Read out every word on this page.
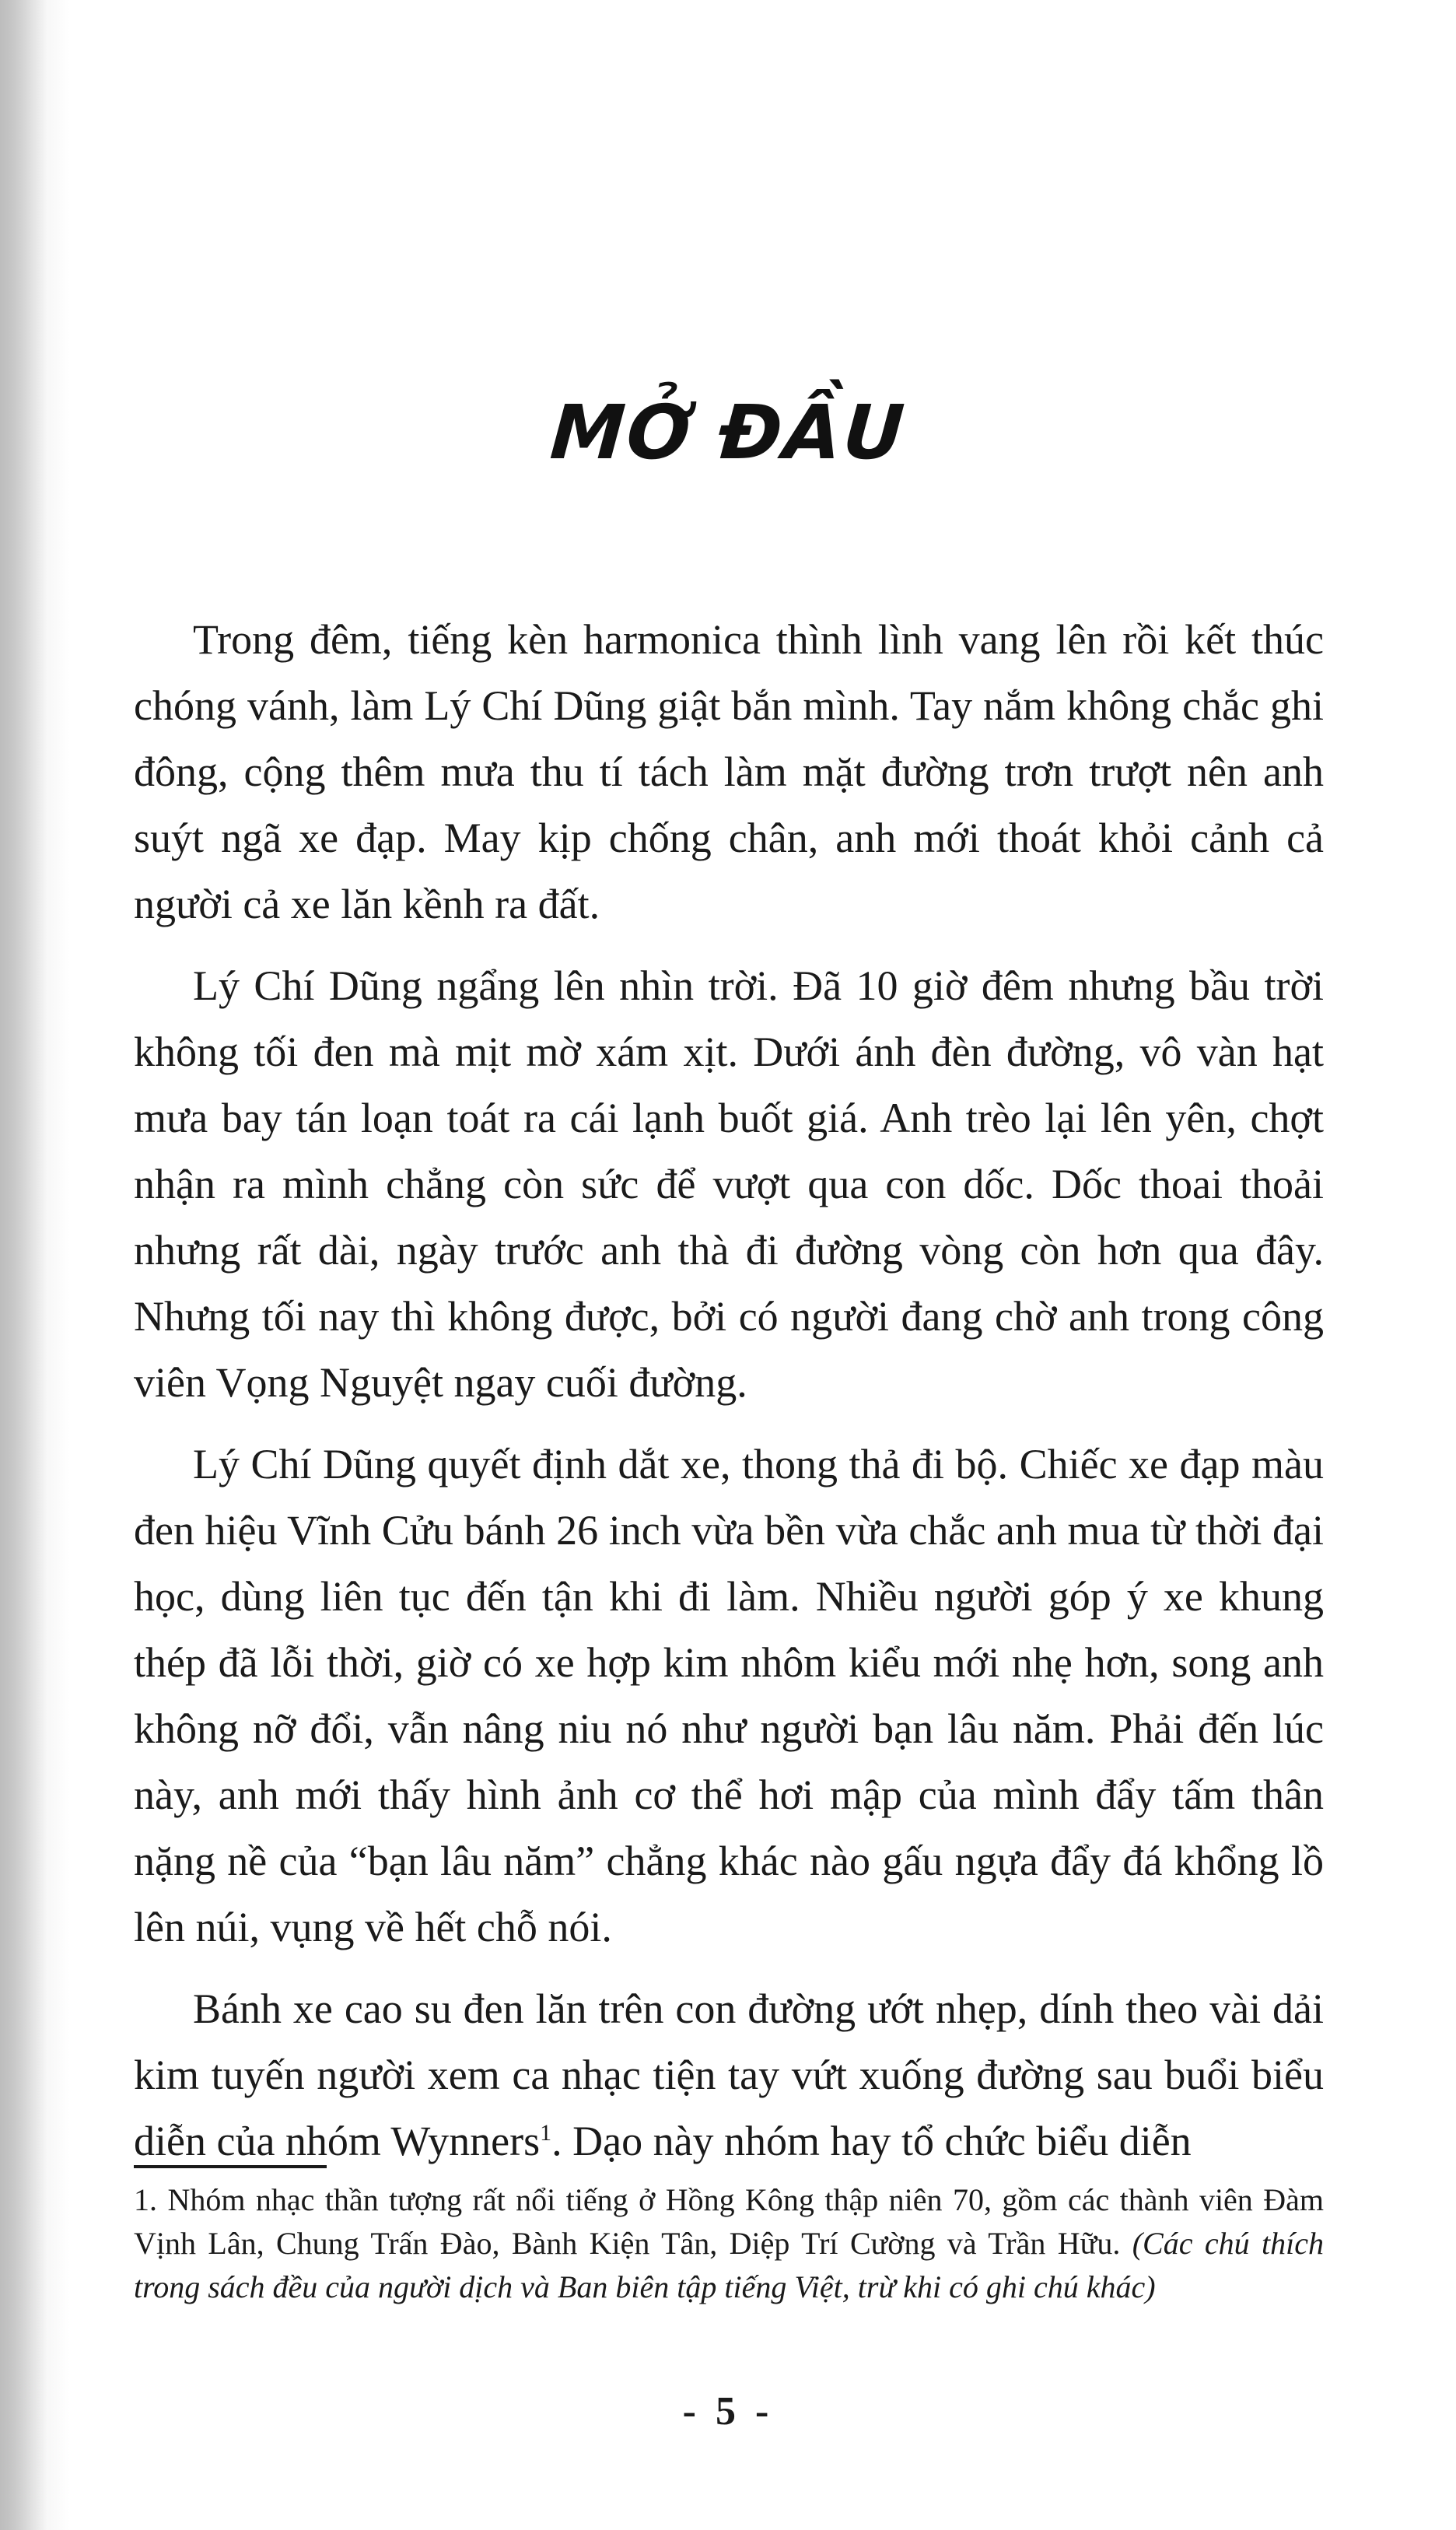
MỞ ĐẦU

Trong đêm, tiếng kèn harmonica thình lình vang lên rồi kết thúc chóng vánh, làm Lý Chí Dũng giật bắn mình. Tay nắm không chắc ghi đông, cộng thêm mưa thu tí tách làm mặt đường trơn trượt nên anh suýt ngã xe đạp. May kịp chống chân, anh mới thoát khỏi cảnh cả người cả xe lăn kềnh ra đất.

Lý Chí Dũng ngẩng lên nhìn trời. Đã 10 giờ đêm nhưng bầu trời không tối đen mà mịt mờ xám xịt. Dưới ánh đèn đường, vô vàn hạt mưa bay tán loạn toát ra cái lạnh buốt giá. Anh trèo lại lên yên, chợt nhận ra mình chẳng còn sức để vượt qua con dốc. Dốc thoai thoải nhưng rất dài, ngày trước anh thà đi đường vòng còn hơn qua đây. Nhưng tối nay thì không được, bởi có người đang chờ anh trong công viên Vọng Nguyệt ngay cuối đường.

Lý Chí Dũng quyết định dắt xe, thong thả đi bộ. Chiếc xe đạp màu đen hiệu Vĩnh Cửu bánh 26 inch vừa bền vừa chắc anh mua từ thời đại học, dùng liên tục đến tận khi đi làm. Nhiều người góp ý xe khung thép đã lỗi thời, giờ có xe hợp kim nhôm kiểu mới nhẹ hơn, song anh không nỡ đổi, vẫn nâng niu nó như người bạn lâu năm. Phải đến lúc này, anh mới thấy hình ảnh cơ thể hơi mập của mình đẩy tấm thân nặng nề của “bạn lâu năm” chẳng khác nào gấu ngựa đẩy đá khổng lồ lên núi, vụng về hết chỗ nói.

Bánh xe cao su đen lăn trên con đường ướt nhẹp, dính theo vài dải kim tuyến người xem ca nhạc tiện tay vứt xuống đường sau buổi biểu diễn của nhóm Wynners$^1$. Dạo này nhóm hay tổ chức biểu diễn

1. Nhóm nhạc thần tượng rất nổi tiếng ở Hồng Kông thập niên 70, gồm các thành viên Đàm Vịnh Lân, Chung Trấn Đào, Bành Kiện Tân, Diệp Trí Cường và Trần Hữu. (Các chú thích trong sách đều của người dịch và Ban biên tập tiếng Việt, trừ khi có ghi chú khác)
- 5 -
